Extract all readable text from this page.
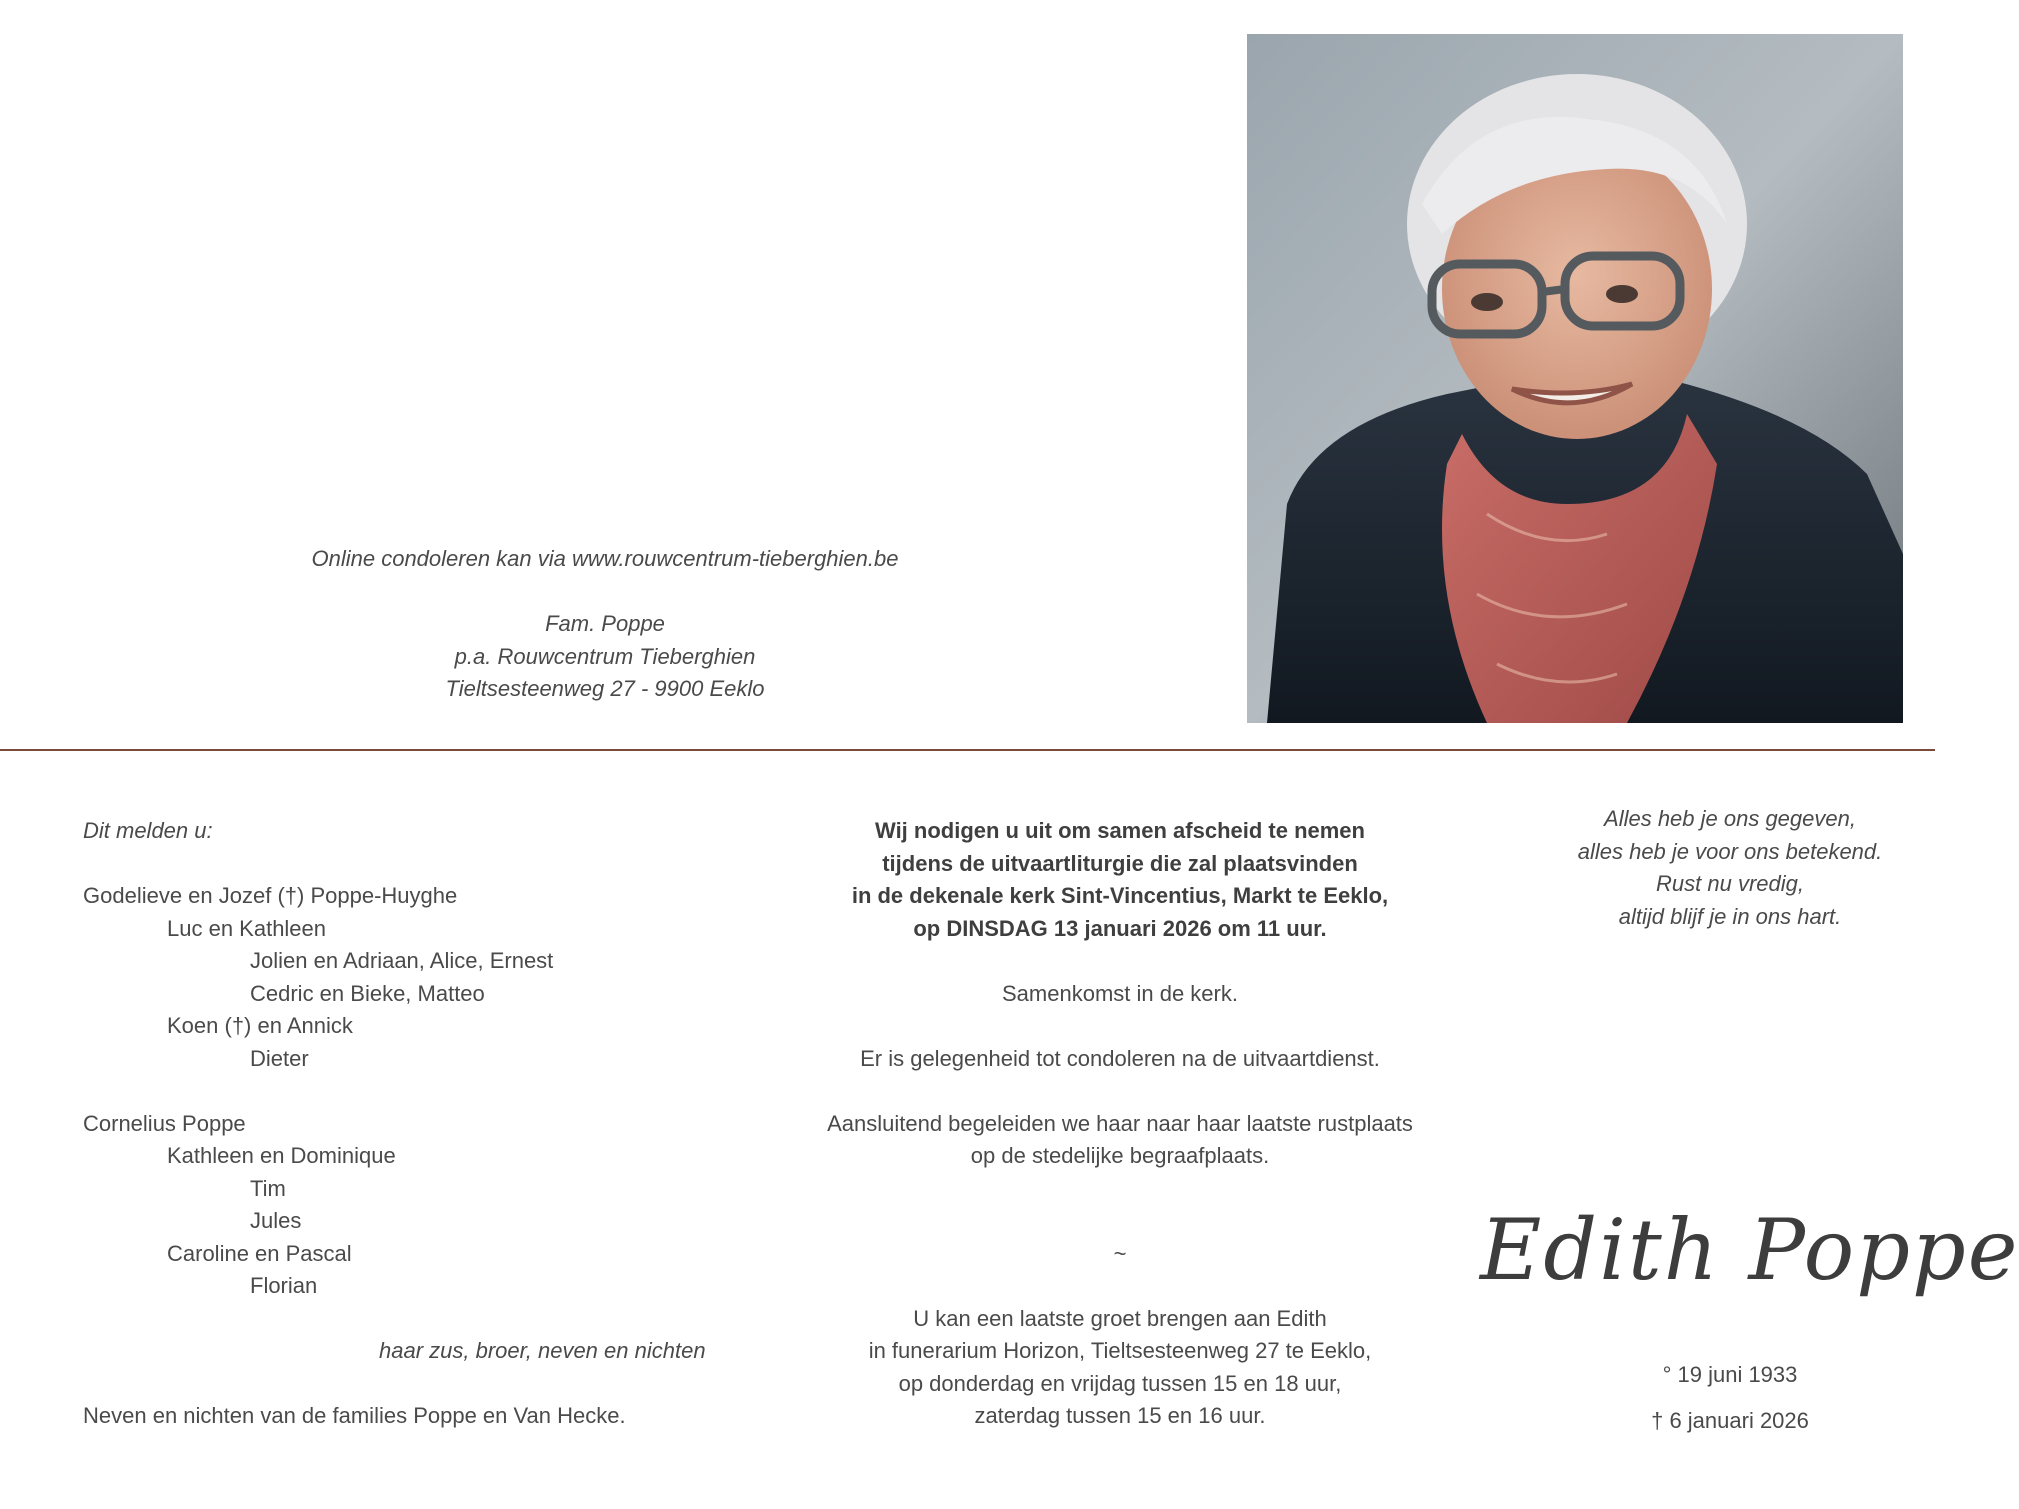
Online condoleren kan via www.rouwcentrum-tieberghien.be
Fam. Poppe
p.a. Rouwcentrum Tieberghien
Tieltsesteenweg 27 - 9900 Eeklo
Dit melden u:
Godelieve en Jozef (†) Poppe-Huyghe
Luc en Kathleen
Jolien en Adriaan, Alice, Ernest
Cedric en Bieke, Matteo
Koen (†) en Annick
Dieter
Cornelius Poppe
Kathleen en Dominique
Tim
Jules
Caroline en Pascal
Florian
haar zus, broer, neven en nichten
Neven en nichten van de families Poppe en Van Hecke.
Wij nodigen u uit om samen afscheid te nemen
tijdens de uitvaartliturgie die zal plaatsvinden
in de dekenale kerk Sint-Vincentius, Markt te Eeklo,
op DINSDAG 13 januari 2026 om 11 uur.
Samenkomst in de kerk.
Er is gelegenheid tot condoleren na de uitvaartdienst.
Aansluitend begeleiden we haar naar haar laatste rustplaats
op de stedelijke begraafplaats.
~
U kan een laatste groet brengen aan Edith
in funerarium Horizon, Tieltsesteenweg 27 te Eeklo,
op donderdag en vrijdag tussen 15 en 18 uur,
zaterdag tussen 15 en 16 uur.
Alles heb je ons gegeven,
alles heb je voor ons betekend.
Rust nu vredig,
altijd blijf je in ons hart.
Edith Poppe
° 19 juni 1933
† 6 januari 2026
